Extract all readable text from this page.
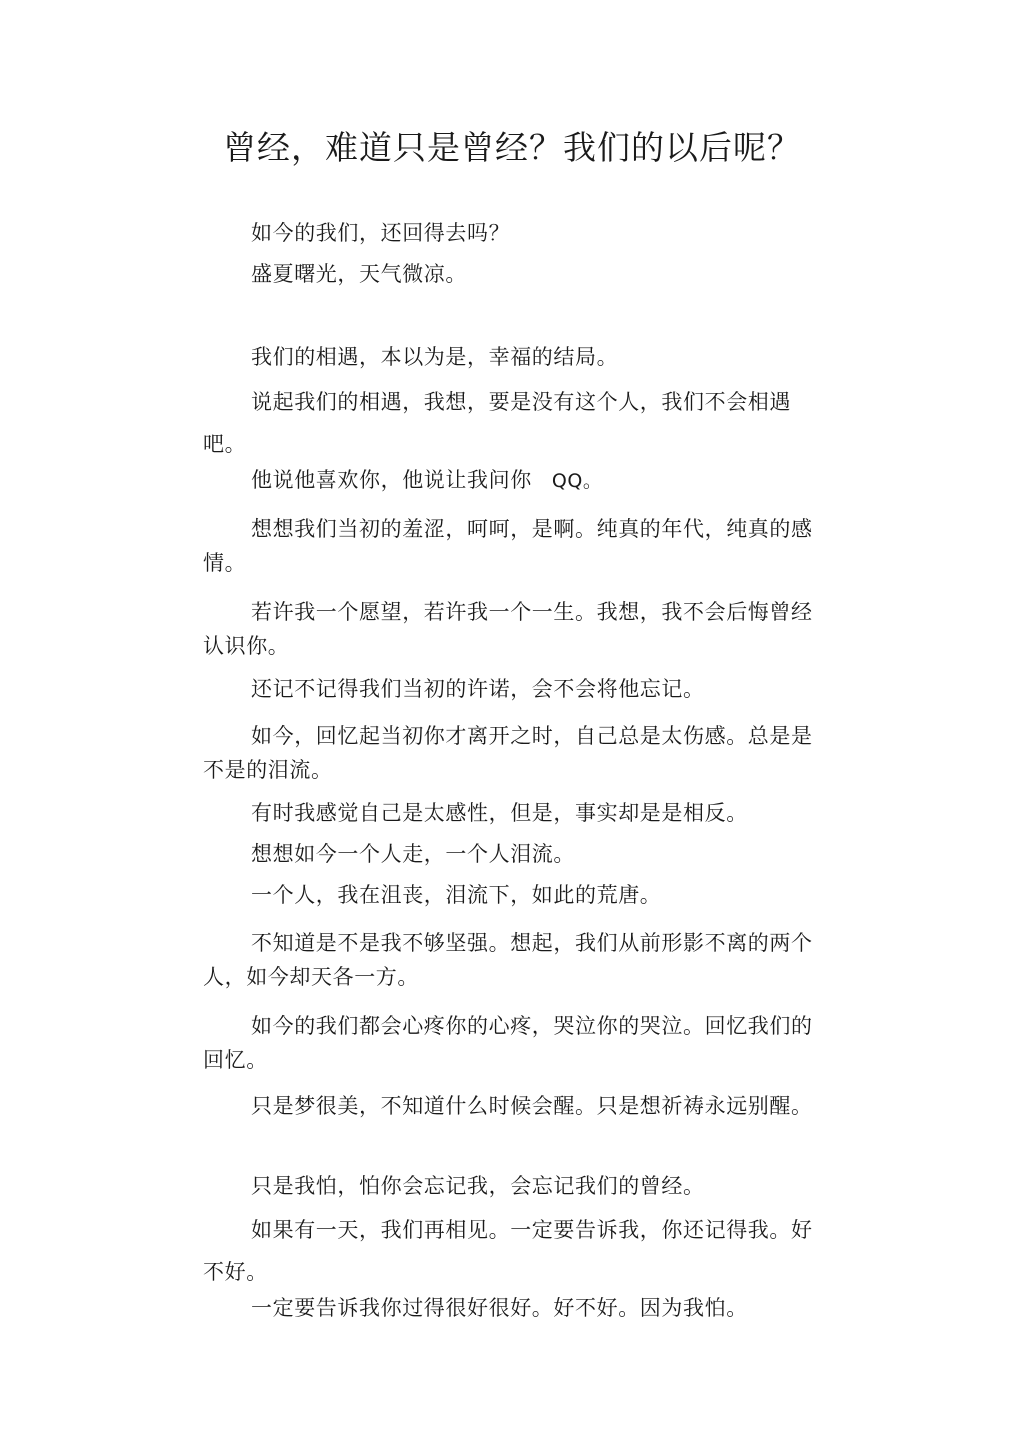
曾经，难道只是曾经？我们的以后呢？

如今的我们，还回得去吗？

盛夏曙光，天气微凉。

我们的相遇，本以为是，幸福的结局。

说起我们的相遇，我想，要是没有这个人，我们不会相遇吧。

他说他喜欢你，他说让我问你 QQ。

想想我们当初的羞涩，呵呵，是啊。纯真的年代，纯真的感情。

若许我一个愿望，若许我一个一生。我想，我不会后悔曾经认识你。

还记不记得我们当初的许诺，会不会将他忘记。

如今，回忆起当初你才离开之时，自己总是太伤感。总是是不是的泪流。

有时我感觉自己是太感性，但是，事实却是是相反。

想想如今一个人走，一个人泪流。

一个人，我在沮丧，泪流下，如此的荒唐。

不知道是不是我不够坚强。想起，我们从前形影不离的两个人，如今却天各一方。

如今的我们都会心疼你的心疼，哭泣你的哭泣。回忆我们的回忆。

只是梦很美，不知道什么时候会醒。只是想祈祷永远别醒。

只是我怕，怕你会忘记我，会忘记我们的曾经。

如果有一天，我们再相见。一定要告诉我，你还记得我。好不好。

一定要告诉我你过得很好很好。好不好。因为我怕。
